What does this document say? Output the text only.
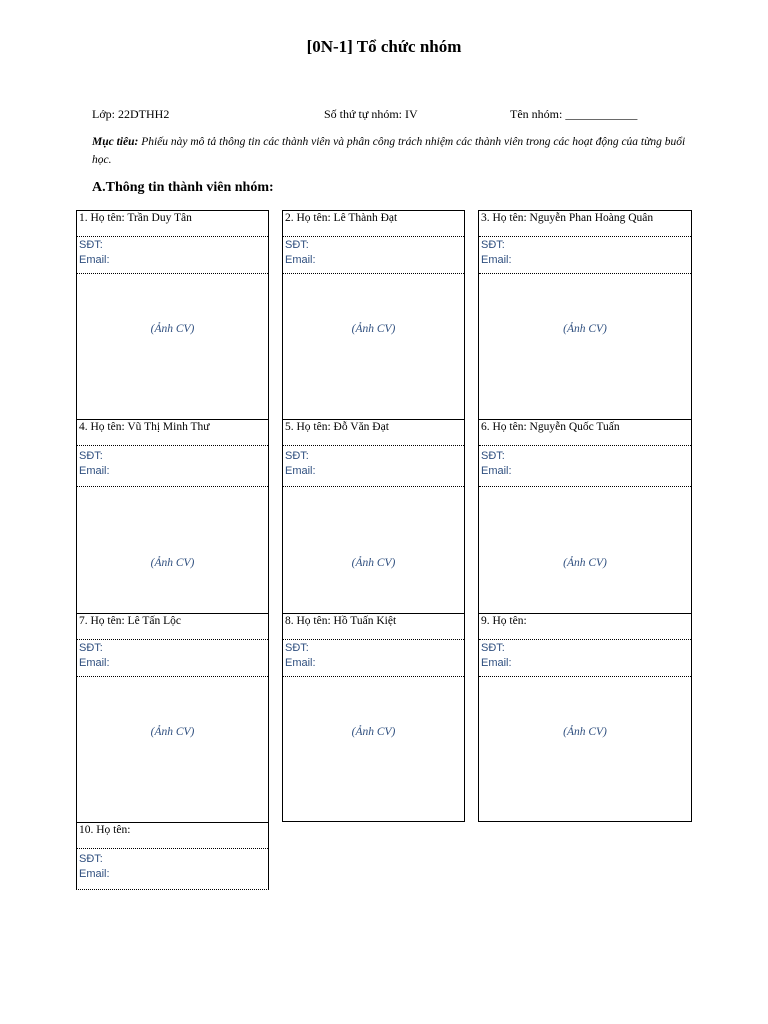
[0N-1] Tổ chức nhóm
Lớp: 22DTHH2	Số thứ tự nhóm: IV	Tên nhóm: ____________
Mục tiêu: Phiếu này mô tả thông tin các thành viên và phân công trách nhiệm các thành viên trong các hoạt động của từng buổi học.
A.Thông tin thành viên nhóm:
1. Họ tên: Trần Duy Tân
SĐT:
Email:
(Ảnh CV)
2. Họ tên: Lê Thành Đạt
SĐT:
Email:
(Ảnh CV)
3. Họ tên: Nguyễn Phan Hoàng Quân
SĐT:
Email:
(Ảnh CV)
4. Họ tên: Vũ Thị Minh Thư
SĐT:
Email:
(Ảnh CV)
5. Họ tên: Đỗ Văn Đạt
SĐT:
Email:
(Ảnh CV)
6. Họ tên: Nguyễn Quốc Tuấn
SĐT:
Email:
(Ảnh CV)
7. Họ tên: Lê Tấn Lộc
SĐT:
Email:
(Ảnh CV)
8. Họ tên: Hồ Tuấn Kiệt
SĐT:
Email:
(Ảnh CV)
9. Họ tên:
SĐT:
Email:
(Ảnh CV)
10. Họ tên:
SĐT:
Email:
